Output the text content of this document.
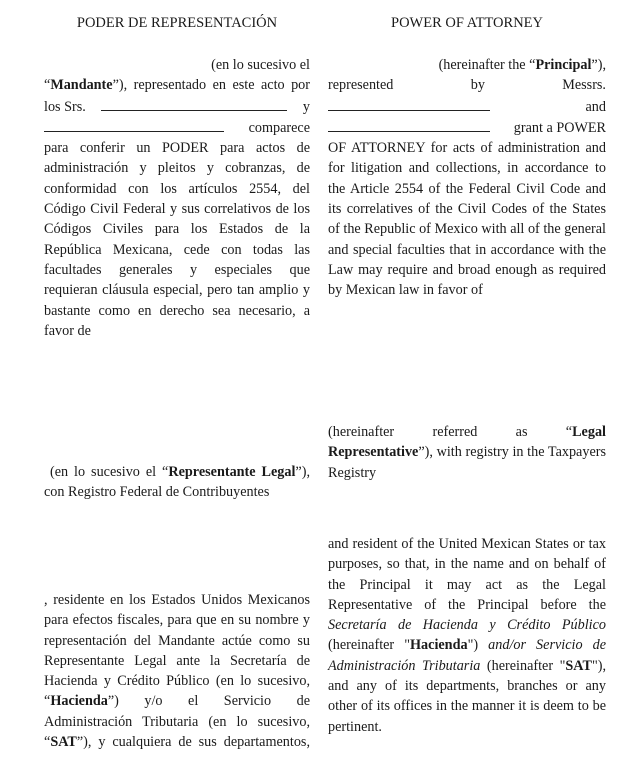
PODER DE REPRESENTACIÓN	POWER OF ATTORNEY
(en lo sucesivo el
“Mandante”), representado en este acto por
los Srs.	y
comparece
para conferir un PODER para actos de administración y pleitos y cobranzas, de conformidad con los artículos 2554, del Código Civil Federal y sus correlativos de los Códigos Civiles para los Estados de la República Mexicana, cede con todas las facultades generales y especiales que requieran cláusula especial, pero tan amplio y bastante como en derecho sea necesario, a favor de
(en lo sucesivo el “Representante Legal”),
con Registro Federal de Contribuyentes
, residente en los Estados Unidos Mexicanos para efectos fiscales, para que en su nombre y representación del Mandante actúe como su Representante Legal ante la Secretaría de Hacienda y Crédito Público (en lo sucesivo, “Hacienda”) y/o el Servicio de Administración Tributaria (en lo sucesivo, “SAT”), y cualquiera de sus departamentos,
(hereinafter the “Principal”),
represented	by	Messrs.
and
grant a POWER
OF ATTORNEY for acts of administration and for litigation and collections, in accordance to the Article 2554 of the Federal Civil Code and its correlatives of the Civil Codes of the States of the Republic of Mexico with all of the general and special faculties that in accordance with the Law may require and broad enough as required by Mexican law in favor of
(hereinafter	referred	as	“Legal
Representative”), with registry in the Taxpayers Registry
and resident of the United Mexican States or tax purposes, so that, in the name and on behalf of the Principal it may act as the Legal Representative of the Principal before the Secretaría de Hacienda y Crédito Público (hereinafter "Hacienda") and/or Servicio de Administración Tributaria (hereinafter "SAT"), and any of its departments, branches or any other of its offices in the manner it is deem to be pertinent.
